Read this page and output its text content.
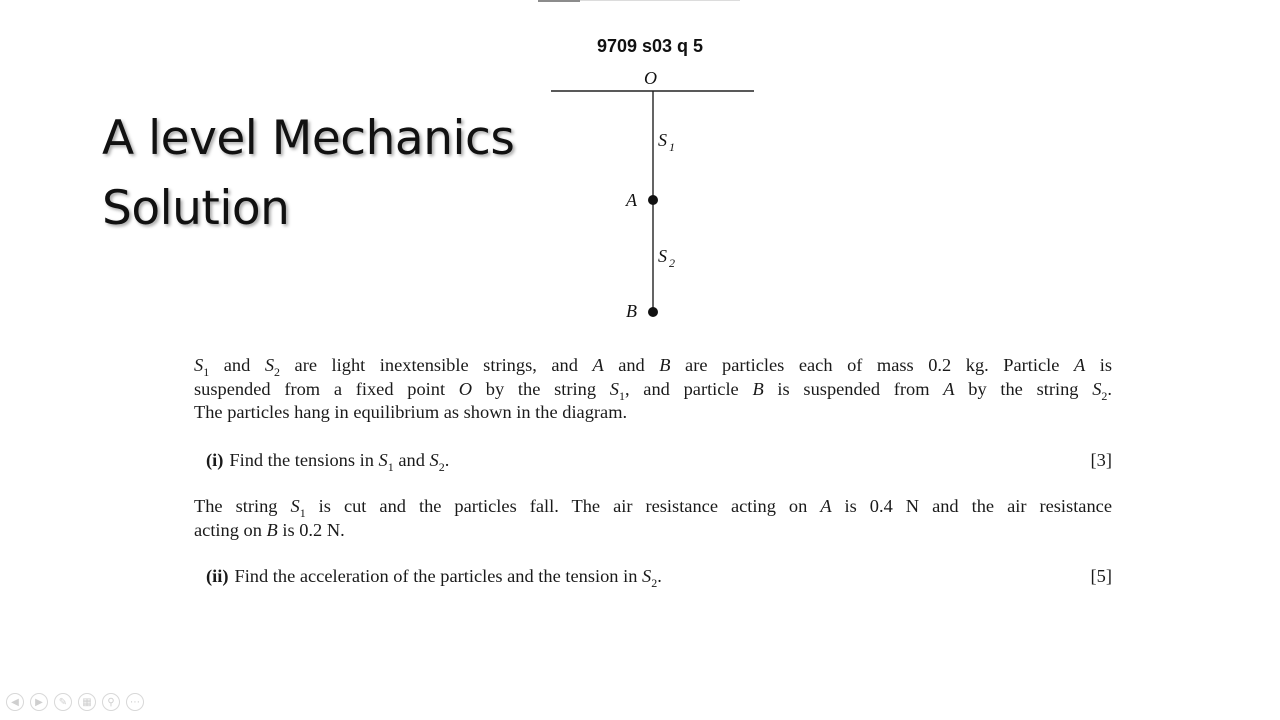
A level Mechanics
Solution
9709 s03 q 5
O
S 1
A
S 2
B
$S_1$ and $S_2$ are light inextensible strings, and A and B are particles each of mass 0.2 kg. Particle A is
suspended from a fixed point O by the string $S_1$, and particle B is suspended from A by the string $S_2$.
The particles hang in equilibrium as shown in the diagram.
(i) Find the tensions in $S_1$ and $S_2$.	[3]
The string $S_1$ is cut and the particles fall. The air resistance acting on A is 0.4 N and the air resistance
acting on B is 0.2 N.
(ii) Find the acceleration of the particles and the tension in $S_2$.	[5]
◀	▶	✎	▦	⚲	⋯
